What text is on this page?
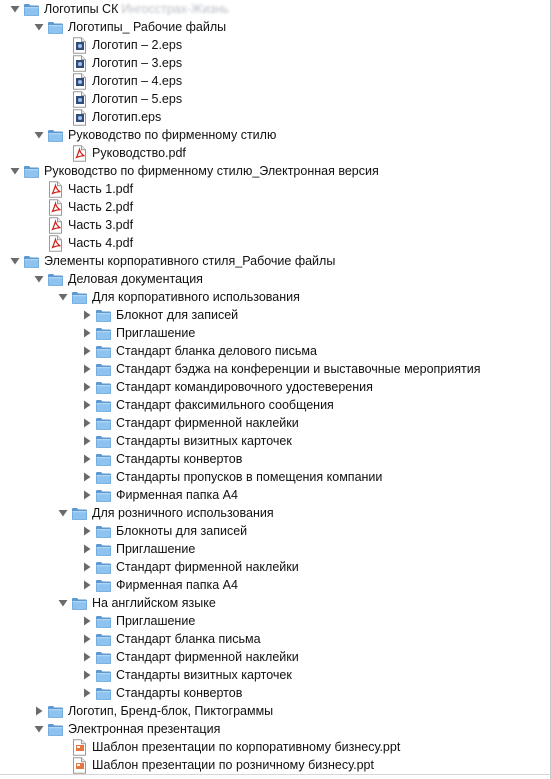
Логотипы СК Ингосстрах-Жизнь
Логотипы_ Рабочие файлы
Логотип – 2.eps
Логотип – 3.eps
Логотип – 4.eps
Логотип – 5.eps
Логотип.eps
Руководство по фирменному стилю
Руководство.pdf
Руководство по фирменному стилю_Электронная версия
Часть 1.pdf
Часть 2.pdf
Часть 3.pdf
Часть 4.pdf
Элементы корпоративного стиля_Рабочие файлы
Деловая документация
Для корпоративного использования
Блокнот для записей
Приглашение
Стандарт бланка делового письма
Стандарт бэджа на конференции и выставочные мероприятия
Стандарт командировочного удостеверения
Стандарт факсимильного сообщения
Стандарт фирменной наклейки
Стандарты визитных карточек
Стандарты конвертов
Стандарты пропусков в помещения компании
Фирменная папка А4
Для розничного использования
Блокноты для записей
Приглашение
Стандарт фирменной наклейки
Фирменная папка А4
На английском языке
Приглашение
Стандарт бланка письма
Стандарт фирменной наклейки
Стандарты визитных карточек
Стандарты конвертов
Логотип, Бренд-блок, Пиктограммы
Электронная презентация
Шаблон презентации по корпоративному бизнесу.ppt
Шаблон презентации по розничному бизнесу.ppt
